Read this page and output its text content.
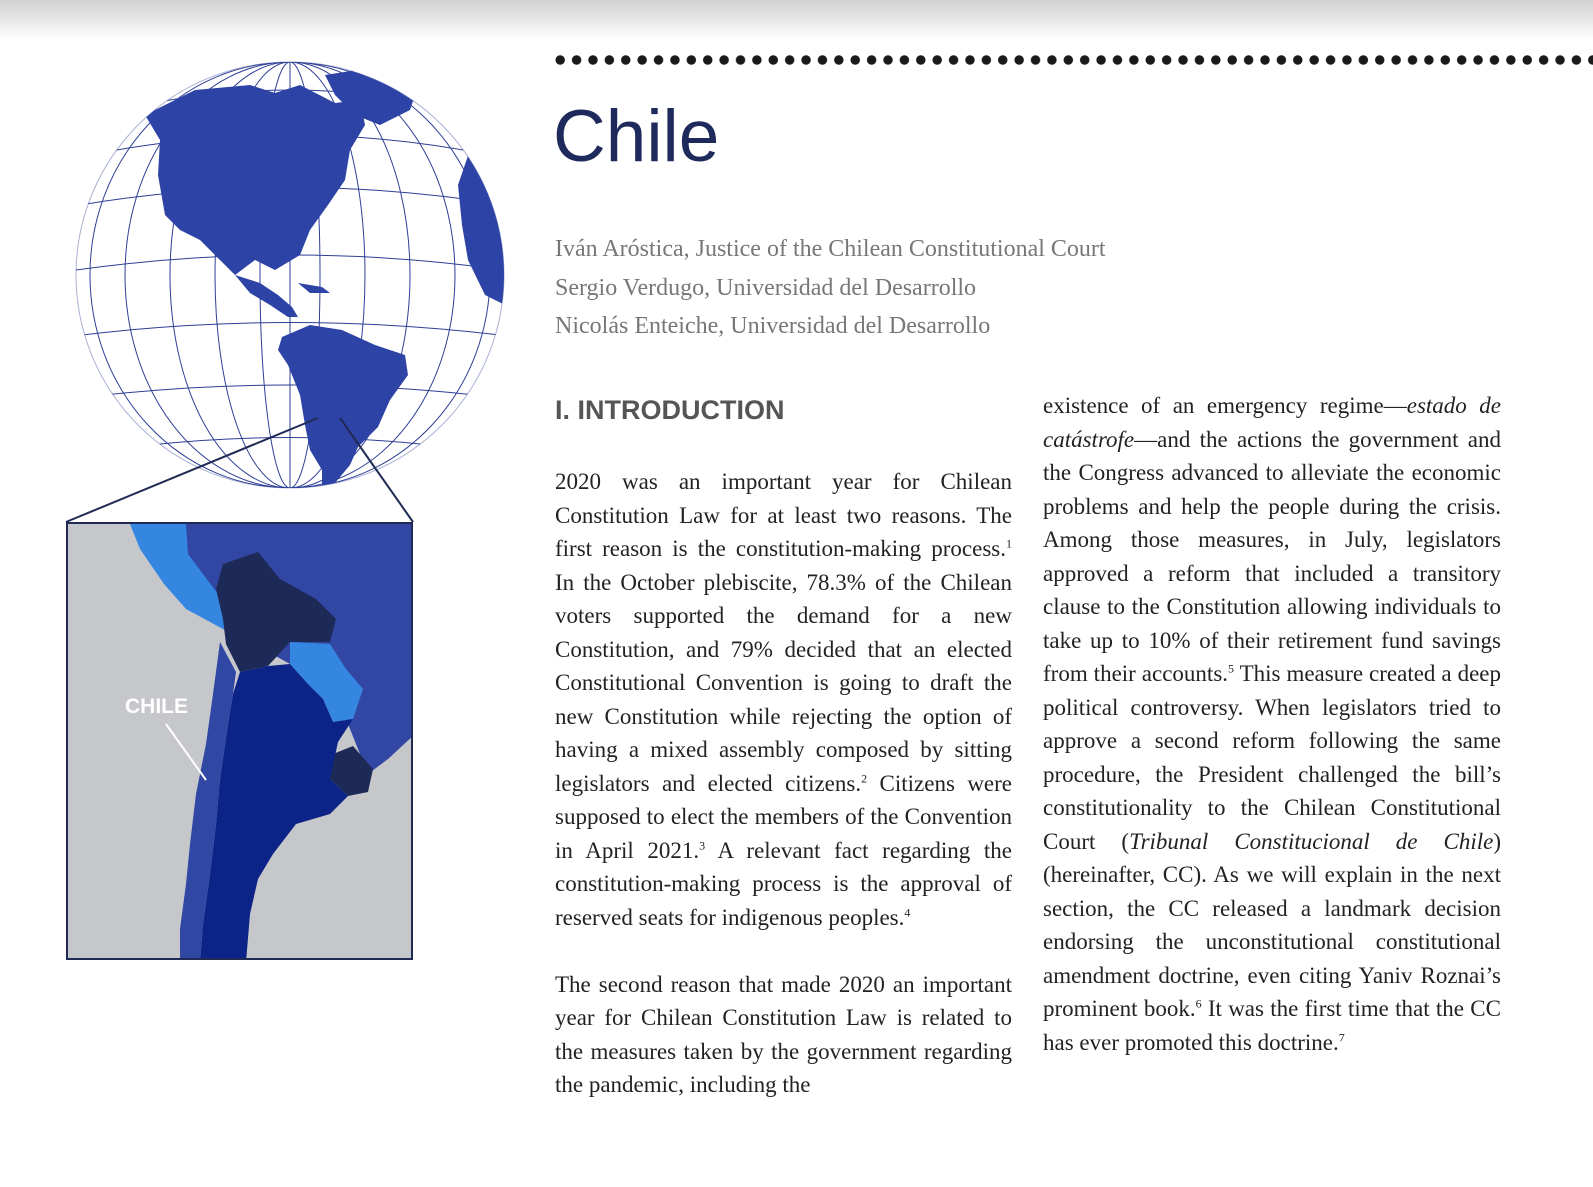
CHILE
Chile
Iván Aróstica, Justice of the Chilean Constitutional Court
Sergio Verdugo, Universidad del Desarrollo
Nicolás Enteiche, Universidad del Desarrollo
I. INTRODUCTION

2020 was an important year for Chilean Constitution Law for at least two reasons. The first reason is the constitution-making process.$^1$ In the October plebiscite, 78.3% of the Chilean voters supported the demand for a new Constitution, and 79% decided that an elected Constitutional Convention is going to draft the new Constitution while rejecting the option of having a mixed assembly composed by sitting legislators and elected citizens.$^2$ Citizens were supposed to elect the members of the Convention in April 2021.$^3$ A relevant fact regarding the constitution-making process is the approval of reserved seats for indigenous peoples.$^4$

The second reason that made 2020 an important year for Chilean Constitution Law is related to the measures taken by the government regarding the pandemic, including the

existence of an emergency regime—estado de catástrofe—and the actions the government and the Congress advanced to alleviate the economic problems and help the people during the crisis. Among those measures, in July, legislators approved a reform that included a transitory clause to the Constitution allowing individuals to take up to 10% of their retirement fund savings from their accounts.$^5$ This measure created a deep political controversy. When legislators tried to approve a second reform following the same procedure, the President challenged the bill’s constitutionality to the Chilean Constitutional Court (Tribunal Constitucional de Chile) (hereinafter, CC). As we will explain in the next section, the CC released a landmark decision endorsing the unconstitutional constitutional amendment doctrine, even citing Yaniv Roznai’s prominent book.$^6$ It was the first time that the CC has ever promoted this doctrine.$^7$
